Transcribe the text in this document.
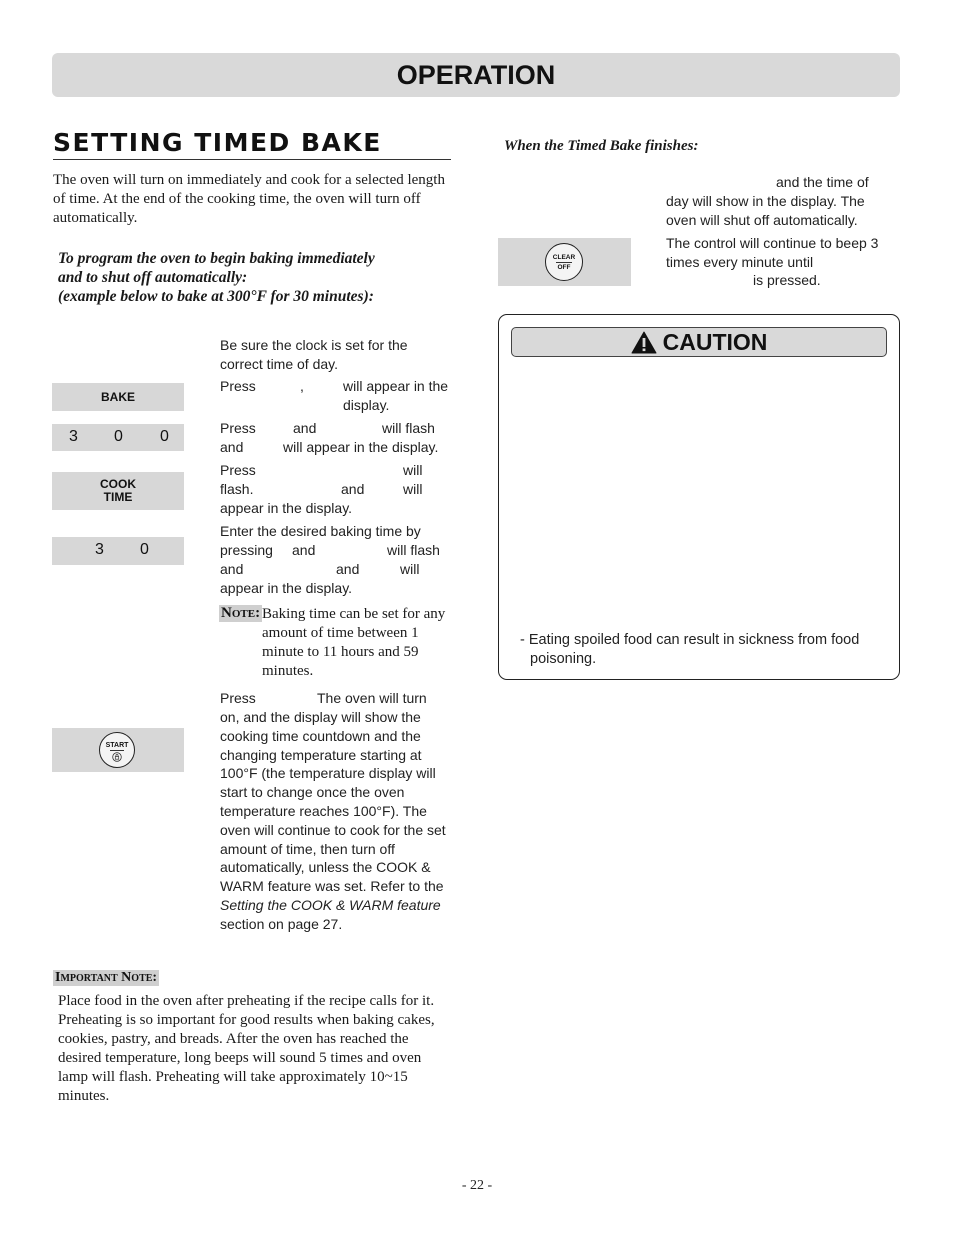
OPERATION
SETTING TIMED BAKE
The oven will turn on immediately and cook for a selected length of time. At the end of the cooking time, the oven will turn off automatically.
To program the oven to begin baking immediately
and to shut off automatically:
(example below to bake at 300°F for 30 minutes):
Be sure the clock is set for the correct time of day.
BAKE
Press	,	will appear in the display.
3 0 0	Press	and	will flash
and	will appear in the display.
COOK
TIME
Press	will
flash.	and	will
appear in the display.
3 0
Enter the desired baking time by
pressing and	will flash
and	and	will
appear in the display.
Note: Baking time can be set for any amount of time between 1 minute to 11 hours and 59 minutes.
START
Press	The oven will turn
on, and the display will show the cooking time countdown and the changing temperature starting at 100°F (the temperature display will start to change once the oven temperature reaches 100°F). The oven will continue to cook for the set amount of time, then turn off automatically, unless the COOK & WARM feature was set. Refer to the Setting the COOK & WARM feature section on page 27.
Important Note:
Place food in the oven after preheating if the recipe calls for it. Preheating is so important for good results when baking cakes, cookies, pastry, and breads. After the oven has reached the desired temperature, long beeps will sound 5 times and oven lamp will flash. Preheating will take approximately 10~15 minutes.
When the Timed Bake finishes:
CLEAR
OFF
and the time of
day will show in the display. The oven will shut off automatically.
The control will continue to beep 3 times every minute until
is pressed.
CAUTION
- Eating spoiled food can result in sickness from food poisoning.
- 22 -
